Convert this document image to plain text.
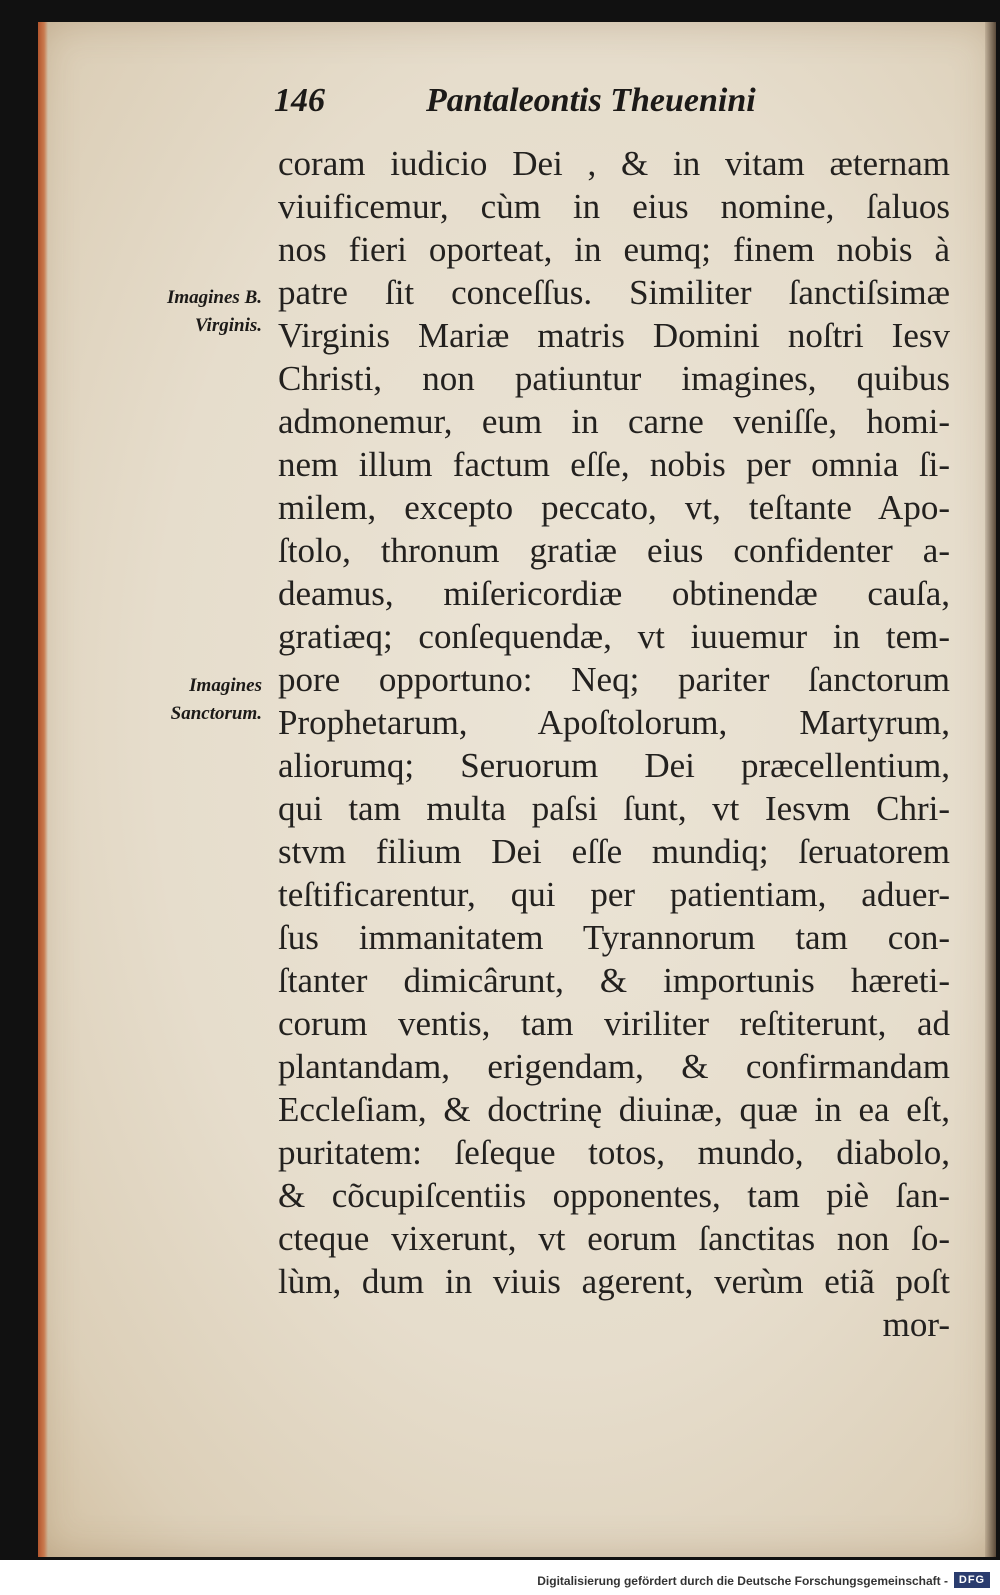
146	Pantaleontis Theuenini
Imagines B.
Virginis.
Imagines
Sanctorum.
coram iudicio Dei , & in vitam æternam
viuificemur, cùm in eius nomine, ſaluos
nos fieri oporteat, in eumq; finem nobis à
patre ſit conceſſus. Similiter ſanctiſsimæ
Virginis Mariæ matris Domini noſtri Iesv
Christi, non patiuntur imagines, quibus
admonemur, eum in carne veniſſe, homi-
nem illum factum eſſe, nobis per omnia ſi-
milem, excepto peccato, vt, teſtante Apo-
ſtolo, thronum gratiæ eius confidenter a-
deamus, miſericordiæ obtinendæ cauſa,
gratiæq; conſequendæ, vt iuuemur in tem-
pore opportuno: Neq; pariter ſanctorum
Prophetarum, Apoſtolorum, Martyrum,
aliorumq; Seruorum Dei præcellentium,
qui tam multa paſsi ſunt, vt Iesvm Chri-
stvm filium Dei eſſe mundiq; ſeruatorem
teſtificarentur, qui per patientiam, aduer-
ſus immanitatem Tyrannorum tam con-
ſtanter dimicârunt, & importunis hæreti-
corum ventis, tam viriliter reſtiterunt, ad
plantandam, erigendam, & confirmandam
Eccleſiam, & doctrinę diuinæ, quæ in ea eſt,
puritatem: ſeſeque totos, mundo, diabolo,
& cõcupiſcentiis opponentes, tam piè ſan-
cteque vixerunt, vt eorum ſanctitas non ſo-
lùm, dum in viuis agerent, verùm etiã poſt
mor-
Digitalisierung gefördert durch die Deutsche Forschungsgemeinschaft - DFG
